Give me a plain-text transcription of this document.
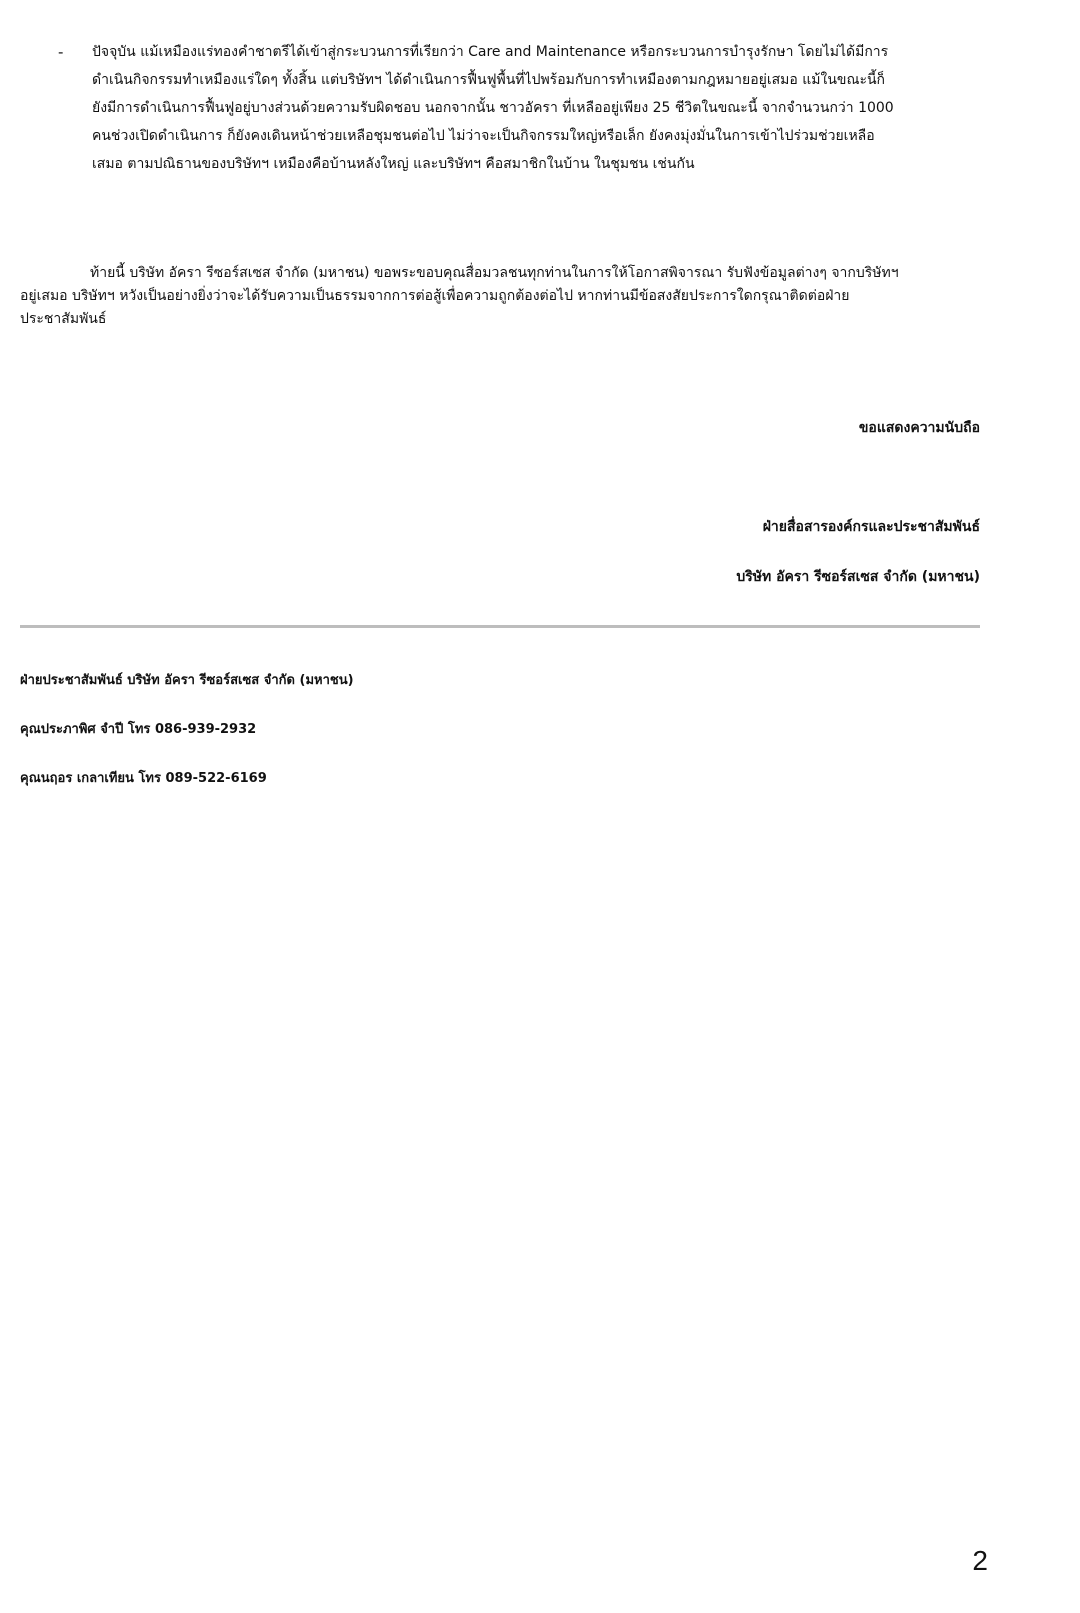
- ปัจจุบัน แม้เหมืองแร่ทองคำชาตรีได้เข้าสู่กระบวนการที่เรียกว่า Care and Maintenance หรือกระบวนการบำรุงรักษา โดยไม่ได้มีการ
ดำเนินกิจกรรมทำเหมืองแร่ใดๆ ทั้งสิ้น แต่บริษัทฯ ได้ดำเนินการฟื้นฟูพื้นที่ไปพร้อมกับการทำเหมืองตามกฎหมายอยู่เสมอ แม้ในขณะนี้ก็
ยังมีการดำเนินการฟื้นฟูอยู่บางส่วนด้วยความรับผิดชอบ นอกจากนั้น ชาวอัครา ที่เหลืออยู่เพียง 25 ชีวิตในขณะนี้ จากจำนวนกว่า 1000
คนช่วงเปิดดำเนินการ ก็ยังคงเดินหน้าช่วยเหลือชุมชนต่อไป ไม่ว่าจะเป็นกิจกรรมใหญ่หรือเล็ก ยังคงมุ่งมั่นในการเข้าไปร่วมช่วยเหลือ
เสมอ ตามปณิธานของบริษัทฯ เหมืองคือบ้านหลังใหญ่ และบริษัทฯ คือสมาชิกในบ้าน ในชุมชน เช่นกัน
ท้ายนี้ บริษัท อัครา รีซอร์สเซส จำกัด (มหาชน) ขอพระขอบคุณสื่อมวลชนทุกท่านในการให้โอกาสพิจารณา รับฟังข้อมูลต่างๆ จากบริษัทฯ
อยู่เสมอ บริษัทฯ หวังเป็นอย่างยิ่งว่าจะได้รับความเป็นธรรมจากการต่อสู้เพื่อความถูกต้องต่อไป หากท่านมีข้อสงสัยประการใดกรุณาติดต่อฝ่าย
ประชาสัมพันธ์
ขอแสดงความนับถือ
ฝ่ายสื่อสารองค์กรและประชาสัมพันธ์
บริษัท อัครา รีซอร์สเซส จำกัด (มหาชน)
ฝ่ายประชาสัมพันธ์ บริษัท อัครา รีซอร์สเซส จำกัด (มหาชน)
คุณประภาพิศ จำปี โทร 086-939-2932
คุณนฤอร เกลาเทียน โทร 089-522-6169
2
